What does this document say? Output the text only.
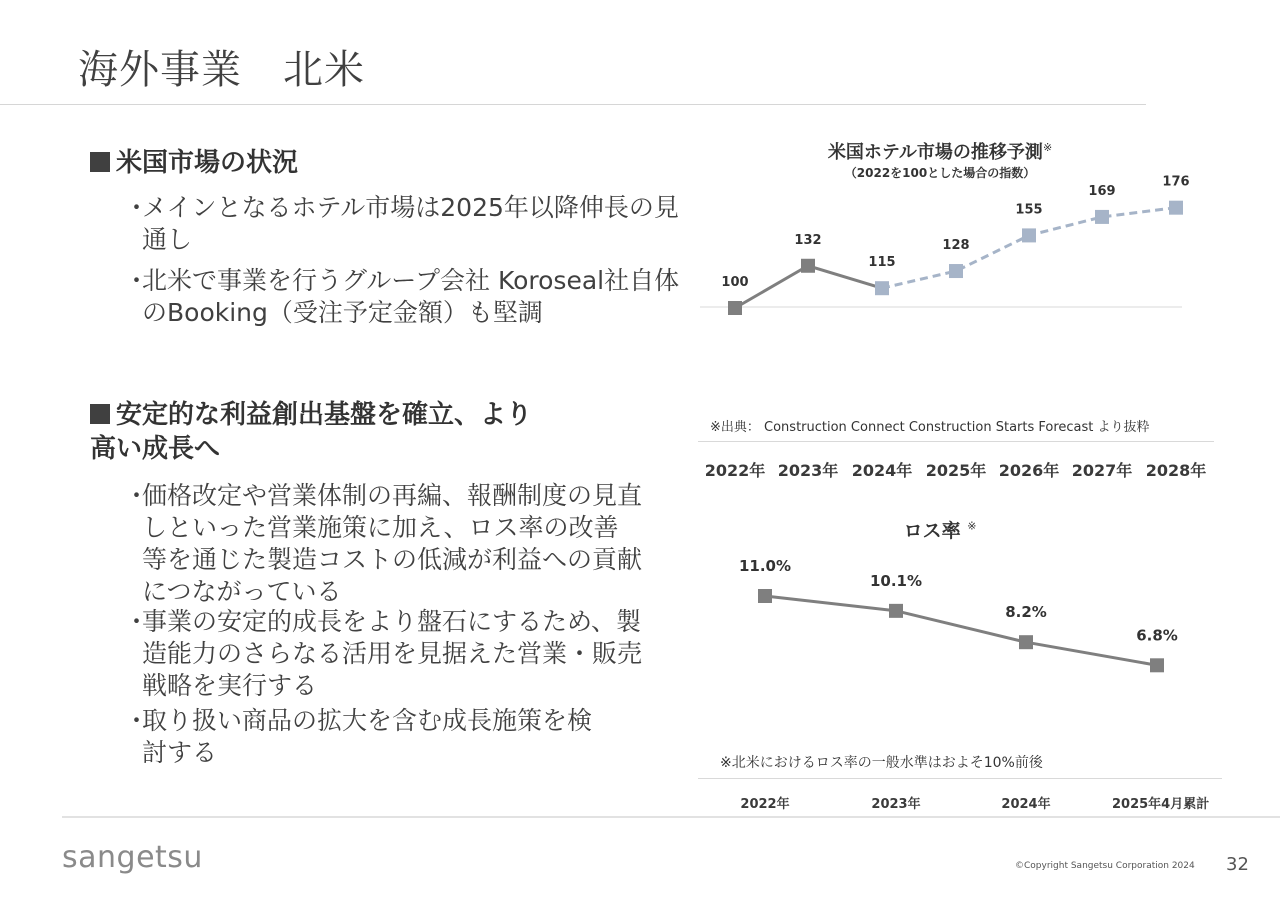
海外事業　北米
米国市場の状況
・
メインとなるホテル市場は2025年以降伸長の見通し
・
北米で事業を行うグループ会社 Koroseal社自体のBooking（受注予定金額）も堅調
安定的な利益創出基盤を確立、より高い成長へ
・
価格改定や営業体制の再編、報酬制度の見直しといった営業施策に加え、ロス率の改善等を通じた製造コストの低減が利益への貢献につながっている
・
事業の安定的成長をより盤石にするため、製造能力のさらなる活用を見据えた営業・販売戦略を実行する
・
取り扱い商品の拡大を含む成長施策を検討する
米国ホテル市場の推移予測※
（2022を100とした場合の指数）
100
132
115
128
155
169
176
※出典： Construction Connect Construction Starts Forecast より抜粋
2022年 2023年 2024年 2025年 2026年 2027年 2028年
ロス率 ※
11.0%
10.1%
8.2%
6.8%
※北米におけるロス率の一般水準はおよそ10%前後
2022年	2023年	2024年	2025年4月累計
sangetsu	©Copyright Sangetsu Corporation 2024 32
